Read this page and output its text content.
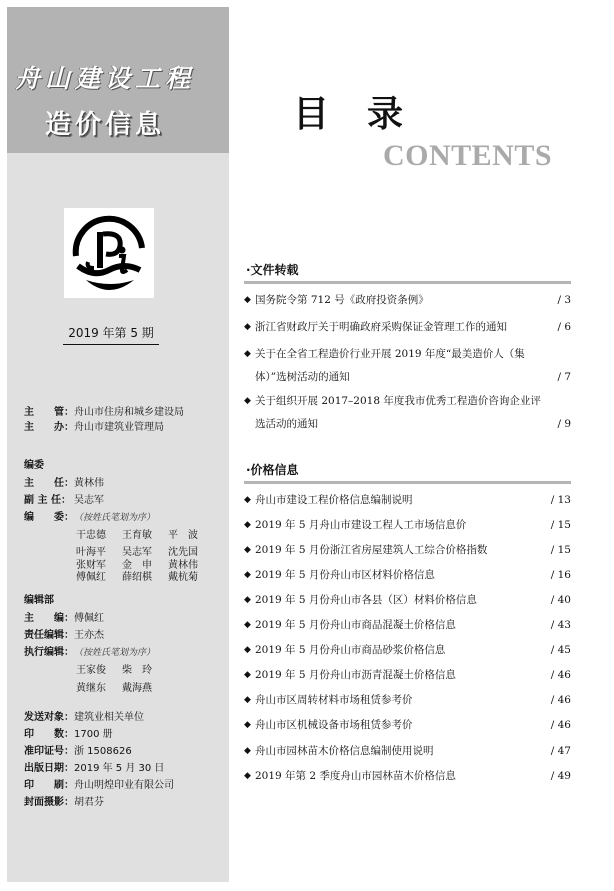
舟山建设工程
造价信息
2019 年第 5 期
主　　管：舟山市住房和城乡建设局
主　　办：舟山市建筑业管理局
编委
主　　任：黄林伟
副 主 任： 吴志军
编　　委：（按姓氏笔划为序）
干忠德 王育敏 平　波
叶海平 吴志军 沈先国
张财军 金　申 黄林伟
傅佩红 薛绍棋 戴杭菊
编辑部
主　　编：傅佩红
责任编辑：王亦杰
执行编辑：（按姓氏笔划为序）
王家俊 柴　玲
黄继东 戴海燕
发送对象：建筑业相关单位
印　　数：1700 册
准印证号：浙 1508626
出版日期：2019 年 5 月 30 日
印　　刷：舟山明煌印业有限公司
封面摄影：胡君芬
目录
CONTENTS
·文件转载
◆ 国务院令第 712 号《政府投资条例》	/ 3
◆ 浙江省财政厅关于明确政府采购保证金管理工作的通知	/ 6
◆ 关于在全省工程造价行业开展 2019 年度“最美造价人（集体）”选树活动的通知	/ 7
◆ 关于组织开展 2017–2018 年度我市优秀工程造价咨询企业评选活动的通知	/ 9
·价格信息
◆ 舟山市建设工程价格信息编制说明	/ 13
◆ 2019 年 5 月舟山市建设工程人工市场信息价	/ 15
◆ 2019 年 5 月份浙江省房屋建筑人工综合价格指数	/ 15
◆ 2019 年 5 月份舟山市区材料价格信息	/ 16
◆ 2019 年 5 月份舟山市各县（区）材料价格信息	/ 40
◆ 2019 年 5 月份舟山市商品混凝土价格信息	/ 43
◆ 2019 年 5 月份舟山市商品砂浆价格信息	/ 45
◆ 2019 年 5 月份舟山市沥青混凝土价格信息	/ 46
◆ 舟山市区周转材料市场租赁参考价	/ 46
◆ 舟山市区机械设备市场租赁参考价	/ 46
◆ 舟山市园林苗木价格信息编制使用说明	/ 47
◆ 2019 年第 2 季度舟山市园林苗木价格信息	/ 49
